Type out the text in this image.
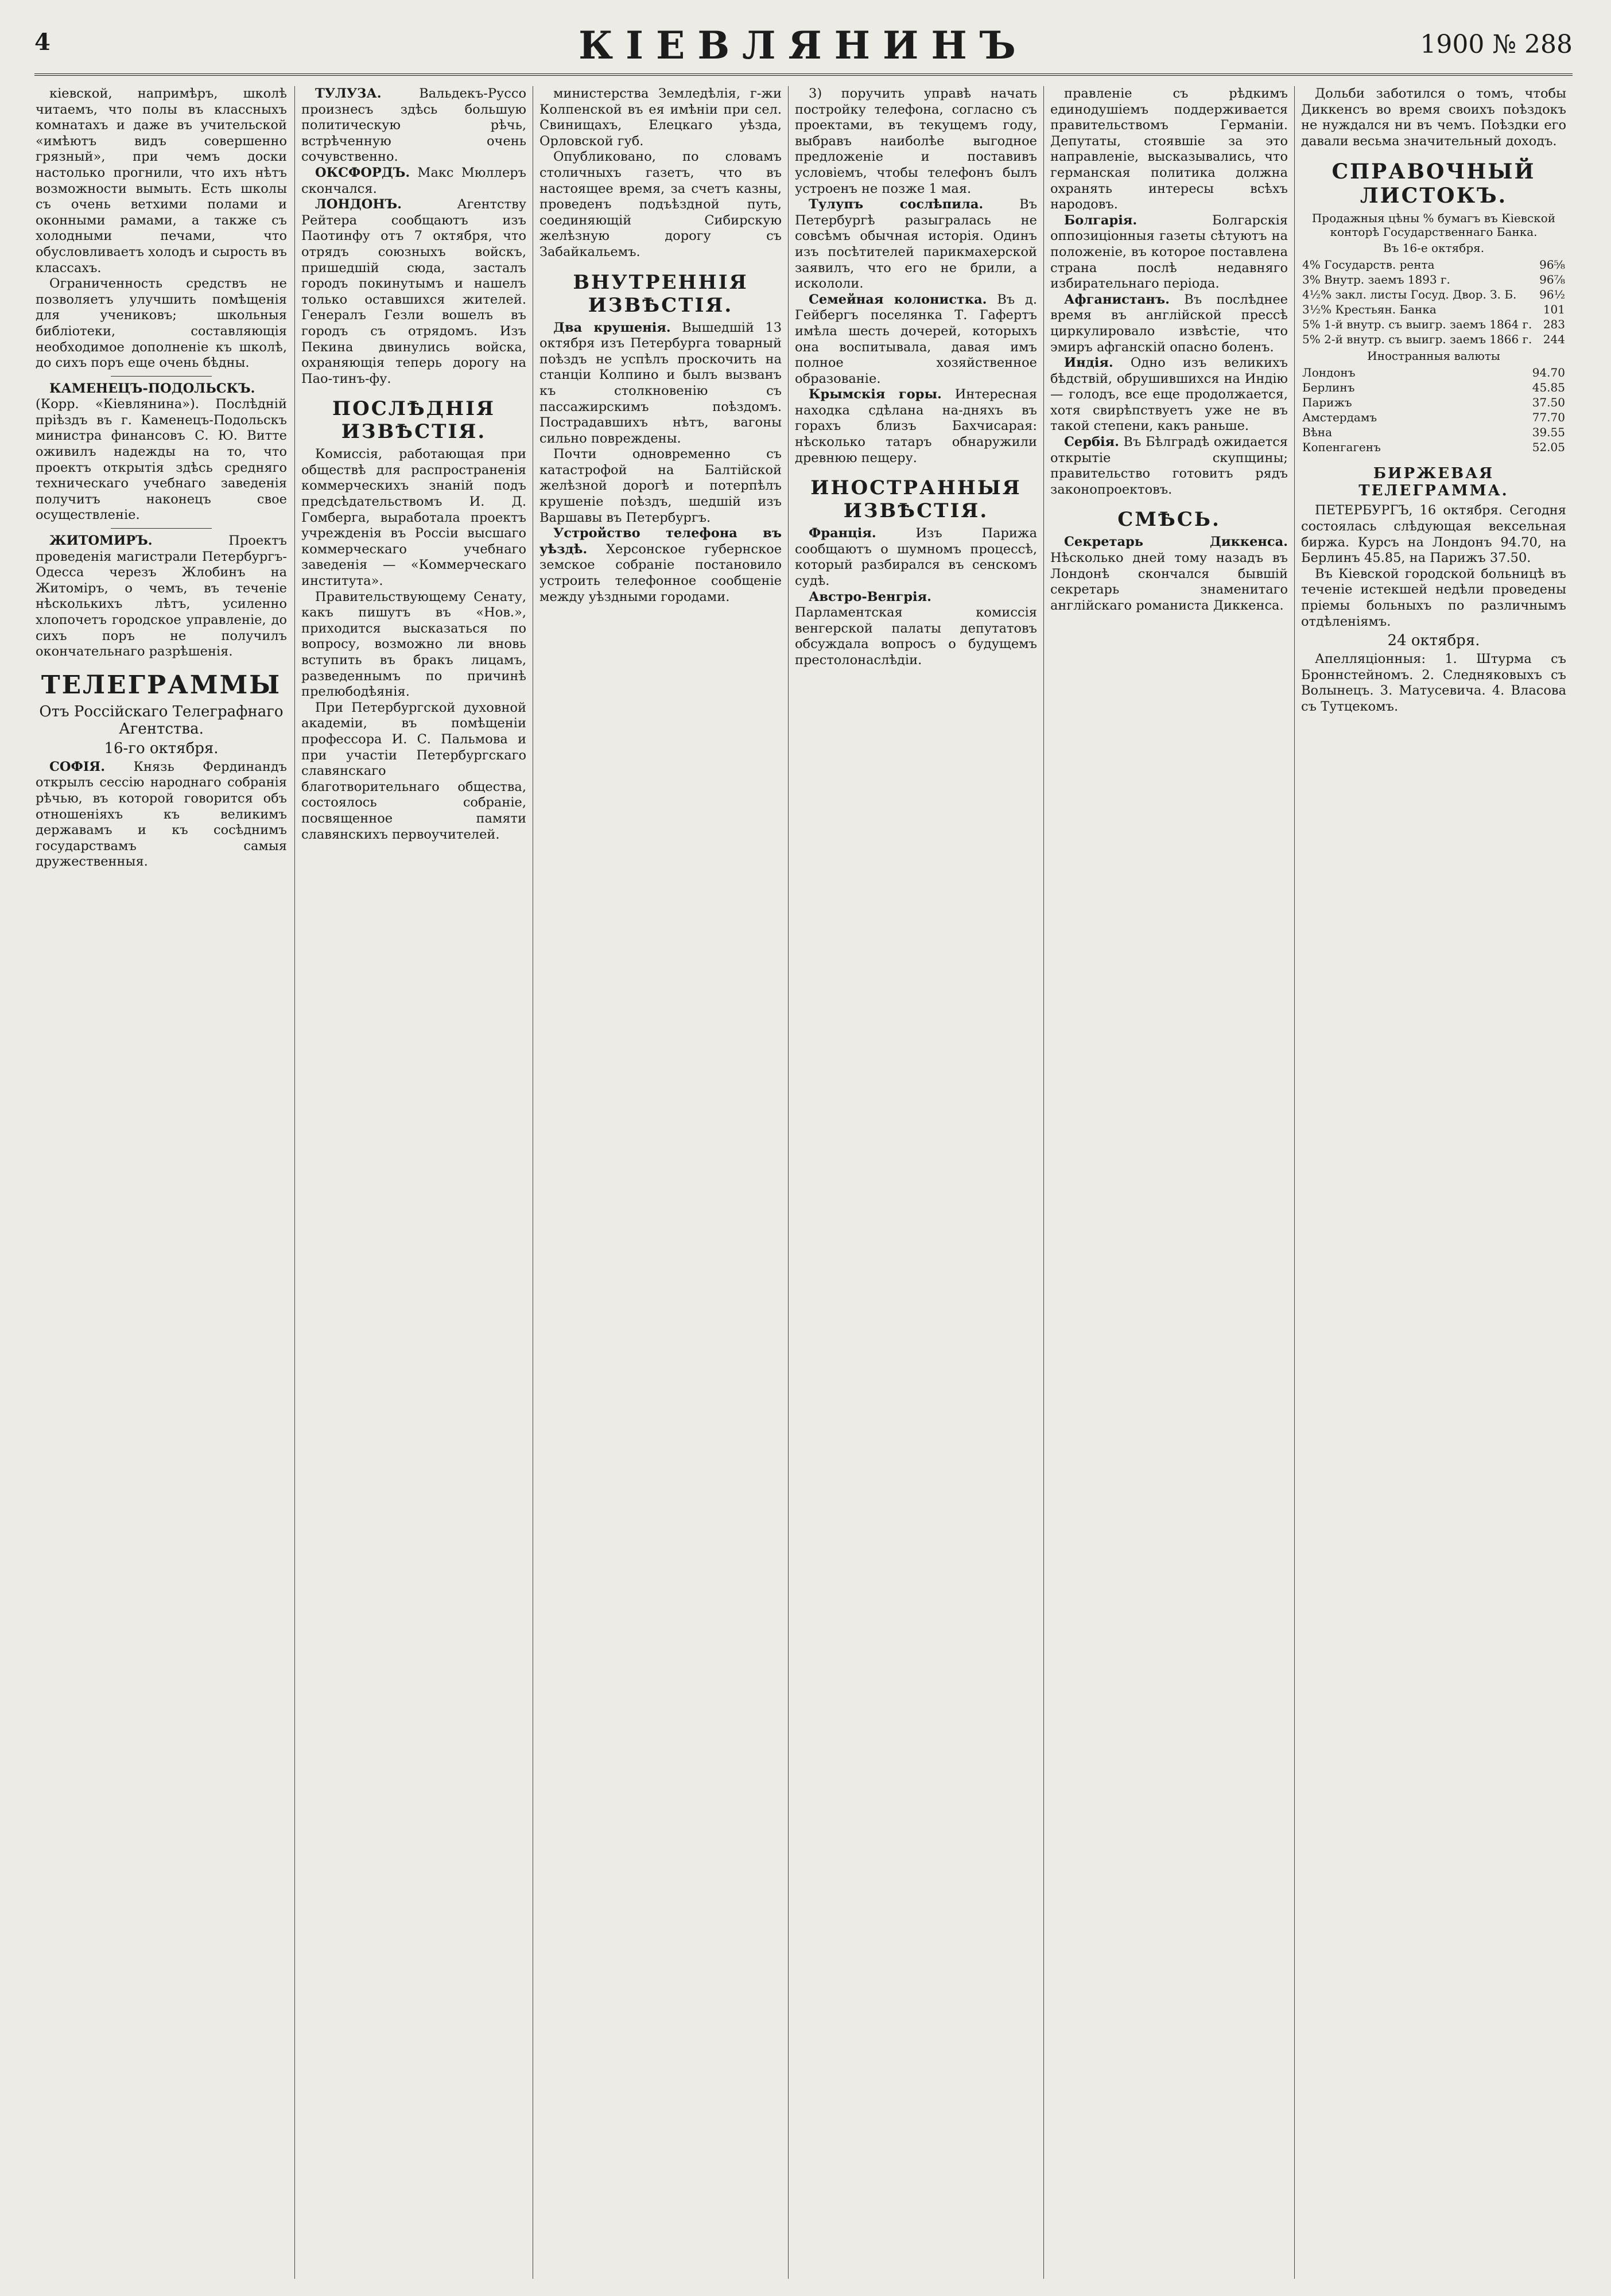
4	КІЕВЛЯНИНЪ	1900 № 288

кіевской, напримѣръ, школѣ читаемъ, что полы въ классныхъ комнатахъ и даже въ учительской «имѣютъ видъ совершенно грязный», при чемъ доски настолько прогнили, что ихъ нѣтъ возможности вымыть. Есть школы съ очень ветхими полами и оконными рамами, а также съ холодными печами, что обусловливаетъ холодъ и сырость въ классахъ.

Ограниченность средствъ не позволяетъ улучшить помѣщенія для учениковъ; школьныя библіотеки, составляющія необходимое дополненіе къ школѣ, до сихъ поръ еще очень бѣдны.

КАМЕНЕЦЪ-ПОДОЛЬСКЪ. (Корр. «Кіевлянина»). Послѣдній пріѣздъ въ г. Каменецъ-Подольскъ министра финансовъ С. Ю. Витте оживилъ надежды на то, что проектъ открытія здѣсь средняго техническаго учебнаго заведенія получитъ наконецъ свое осуществленіе.

ЖИТОМИРЪ.	Проектъ проведенія магистрали Петербургъ-Одесса черезъ Жлобинъ на Житоміръ, о чемъ, въ теченіе нѣсколькихъ лѣтъ, усиленно хлопочетъ городское управленіе, до сихъ поръ не получилъ окончательнаго разрѣшенія.

ТЕЛЕГРАММЫ
Отъ Россійскаго Телеграфнаго Агентства.
16-го октября.

СОФІЯ. Князь Фердинандъ открылъ сессію народнаго собранія рѣчью, въ которой говорится объ отношеніяхъ къ великимъ державамъ и къ сосѣднимъ государствамъ самыя дружественныя.

ТУЛУЗА.	Вальдекъ-Руссо произнесъ здѣсь большую политическую рѣчь, встрѣченную очень сочувственно.

ОКСФОРДЪ. Макс Мюллеръ скончался.

ЛОНДОНЪ.	Агентству Рейтера сообщаютъ изъ Паотинфу отъ 7 октября, что отрядъ союзныхъ войскъ, пришедшій сюда, засталъ городъ покинутымъ и нашелъ только оставшихся жителей. Генералъ Гезли вошелъ въ городъ съ отрядомъ. Изъ Пекина двинулись войска, охраняющія теперь дорогу на Пао-тинъ-фу.

ПОСЛѢДНІЯ ИЗВѢСТІЯ.

Комиссія, работающая при обществѣ для распространенія коммерческихъ знаній подъ предсѣдательствомъ И. Д. Гомберга, выработала проектъ учрежденія въ Россіи высшаго коммерческаго учебнаго заведенія — «Коммерческаго института».

Правительствующему Сенату, какъ пишутъ въ «Нов.», приходится высказаться по вопросу, возможно ли вновь вступить въ бракъ лицамъ, разведеннымъ по причинѣ прелюбодѣянія.

При Петербургской духовной академіи, въ помѣщеніи профессора И. С. Пальмова и при участіи Петербургскаго славянскаго благотворительнаго общества, состоялось собраніе, посвященное памяти славянскихъ первоучителей.

министерства Земледѣлія, г-жи Колпенской въ ея имѣніи при сел. Свинищахъ, Елецкаго уѣзда, Орловской губ.

Опубликовано, по словамъ столичныхъ газетъ, что въ настоящее время, за счетъ казны, проведенъ подъѣздной путь, соединяющій Сибирскую желѣзную дорогу съ Забайкальемъ.

ВНУТРЕННІЯ ИЗВѢСТІЯ.

Два крушенія. Вышедшій 13 октября изъ Петербурга товарный поѣздъ не успѣлъ проскочить на станціи Колпино и былъ вызванъ къ столкновенію съ пассажирскимъ поѣздомъ. Пострадавшихъ нѣтъ, вагоны сильно повреждены.

Почти одновременно съ катастрофой на Балтійской желѣзной дорогѣ и потерпѣлъ крушеніе поѣздъ, шедшій изъ Варшавы въ Петербургъ.

Устройство телефона въ уѣздѣ. Херсонское губернское земское собраніе постановило устроить телефонное сообщеніе между уѣздными городами.

3) поручить управѣ начать постройку телефона, согласно съ проектами, въ текущемъ году, выбравъ наиболѣе выгодное предложеніе и поставивъ условіемъ, чтобы телефонъ былъ устроенъ не позже 1 мая.

Тулупъ сослѣпила.	Въ Петербургѣ разыгралась не совсѣмъ обычная исторія. Одинъ изъ посѣтителей парикмахерской заявилъ, что его не брили, а искололи.

Семейная колонистка. Въ д. Гейбергъ поселянка Т. Гафертъ имѣла шесть дочерей, которыхъ она воспитывала, давая имъ полное хозяйственное образованіе.

Крымскія горы. Интересная находка сдѣлана на-дняхъ въ горахъ близъ Бахчисарая: нѣсколько татаръ обнаружили древнюю пещеру.

ИНОСТРАННЫЯ ИЗВѢСТІЯ.

Франція.	Изъ Парижа сообщаютъ о шумномъ процессѣ, который разбирался въ сенскомъ судѣ.

Австро-Венгрія. Парламентская комиссія венгерской палаты депутатовъ обсуждала вопросъ о будущемъ престолонаслѣдіи.

правленіе съ рѣдкимъ единодушіемъ поддерживается правительствомъ Германіи. Депутаты, стоявшіе за это направленіе, высказывались, что германская политика должна охранять интересы всѣхъ народовъ.

Болгарія.	Болгарскія оппозиціонныя газеты сѣтуютъ на положеніе, въ которое поставлена страна послѣ недавняго избирательнаго періода.

Афганистанъ. Въ послѣднее время въ англійской прессѣ циркулировало извѣстіе, что эмиръ афганскій опасно боленъ.

Индія. Одно изъ великихъ бѣдствій, обрушившихся на Индію — голодъ, все еще продолжается, хотя свирѣпствуетъ уже не въ такой степени, какъ раньше.

Сербія. Въ Бѣлградѣ ожидается открытіе скупщины; правительство готовитъ рядъ законопроектовъ.

СМѢСЬ.

Секретарь Диккенса. Нѣсколько дней тому назадъ въ Лондонѣ скончался бывшій секретарь знаменитаго англійскаго романиста Диккенса.

Дольби заботился о томъ, чтобы Диккенсъ во время своихъ поѣздокъ не нуждался ни въ чемъ. Поѣздки его давали весьма значительный доходъ.

СПРАВОЧНЫЙ ЛИСТОКЪ.
Продажныя цѣны % бумагъ въ Кіевской конторѣ Государственнаго Банка.
Въ 16-е октября.
4% Государств. рента	96⅝
3% Внутр. заемъ 1893 г.	96⅞
4½% закл. листы Госуд. Двор. З. Б.	96½
3½% Крестьян. Банка	101
5% 1-й внутр. съ выигр. заемъ 1864 г.	283
5% 2-й внутр. съ выигр. заемъ 1866 г.	244
Иностранныя валюты
Лондонъ	94.70
Берлинъ	45.85
Парижъ	37.50
Амстердамъ	77.70
Вѣна	39.55
Копенгагенъ	52.05
БИРЖЕВАЯ ТЕЛЕГРАММА.

ПЕТЕРБУРГЪ, 16 октября. Сегодня состоялась слѣдующая вексельная биржа. Курсъ на Лондонъ 94.70, на Берлинъ 45.85, на Парижъ 37.50.

Въ Кіевской городской больницѣ въ теченіе истекшей недѣли проведены пріемы больныхъ по различнымъ отдѣленіямъ.

24 октября.

Апелляціонныя: 1. Штурма съ Броннстейномъ. 2. Следняковыхъ съ Волынецъ. 3. Матусевича. 4. Власова съ Тутцекомъ.
